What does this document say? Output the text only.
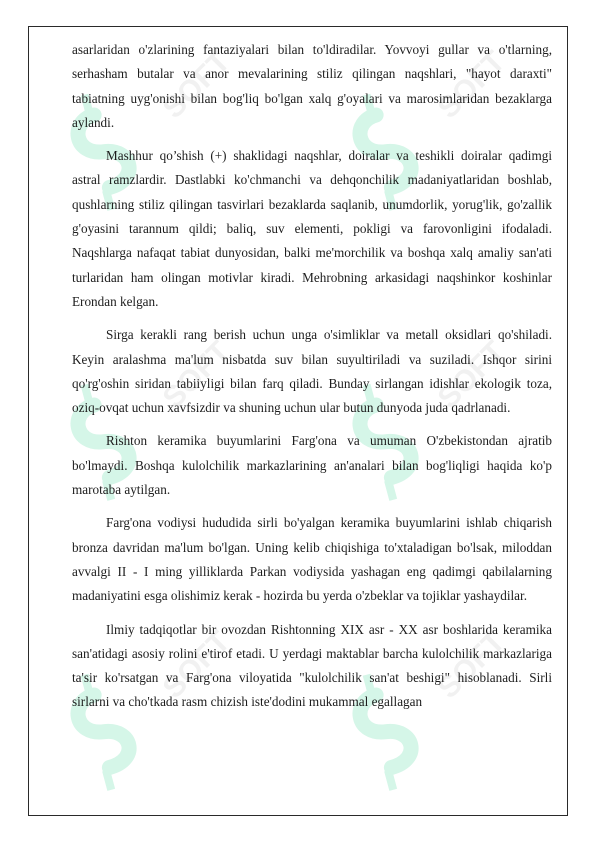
SOFT	SOFT
SOFT	SOFT
SOFT	SOFT

asarlaridan o'zlarining fantaziyalari bilan to'ldiradilar. Yovvoyi gullar va o'tlarning, serhasham butalar va anor mevalarining stiliz qilingan naqshlari, "hayot daraxti" tabiatning uyg'onishi bilan bog'liq bo'lgan xalq g'oyalari va marosimlaridan bezaklarga aylandi.

Mashhur qo’shish (+) shaklidagi naqshlar, doiralar va teshikli doiralar qadimgi astral ramzlardir. Dastlabki ko'chmanchi va dehqonchilik madaniyatlaridan boshlab, qushlarning stiliz qilingan tasvirlari bezaklarda saqlanib, unumdorlik, yorug'lik, go'zallik g'oyasini tarannum qildi; baliq, suv elementi, pokligi va farovonligini ifodaladi. Naqshlarga nafaqat tabiat dunyosidan, balki me'morchilik va boshqa xalq amaliy san'ati turlaridan ham olingan motivlar kiradi. Mehrobning arkasidagi naqshinkor koshinlar Erondan kelgan.

Sirga kerakli rang berish uchun unga o'simliklar va metall oksidlari qo'shiladi. Keyin aralashma ma'lum nisbatda suv bilan suyultiriladi va suziladi. Ishqor sirini qo'rg'oshin siridan tabiiyligi bilan farq qiladi. Bunday sirlangan idishlar ekologik toza, oziq-ovqat uchun xavfsizdir va shuning uchun ular butun dunyoda juda qadrlanadi.

Rishton keramika buyumlarini Farg'ona va umuman O'zbekistondan ajratib bo'lmaydi. Boshqa kulolchilik markazlarining an'analari bilan bog'liqligi haqida ko'p marotaba aytilgan.

Farg'ona vodiysi hududida sirli bo'yalgan keramika buyumlarini ishlab chiqarish bronza davridan ma'lum bo'lgan. Uning kelib chiqishiga to'xtaladigan bo'lsak, miloddan avvalgi II - I ming yilliklarda Parkan vodiysida yashagan eng qadimgi qabilalarning madaniyatini esga olishimiz kerak - hozirda bu yerda o'zbeklar va tojiklar yashaydilar.

Ilmiy tadqiqotlar bir ovozdan Rishtonning XIX asr - XX asr boshlarida keramika san'atidagi asosiy rolini e'tirof etadi. U yerdagi maktablar barcha kulolchilik markazlariga ta'sir ko'rsatgan va Farg'ona viloyatida "kulolchilik san'at beshigi" hisoblanadi. Sirli sirlarni va cho'tkada rasm chizish iste'dodini mukammal egallagan
